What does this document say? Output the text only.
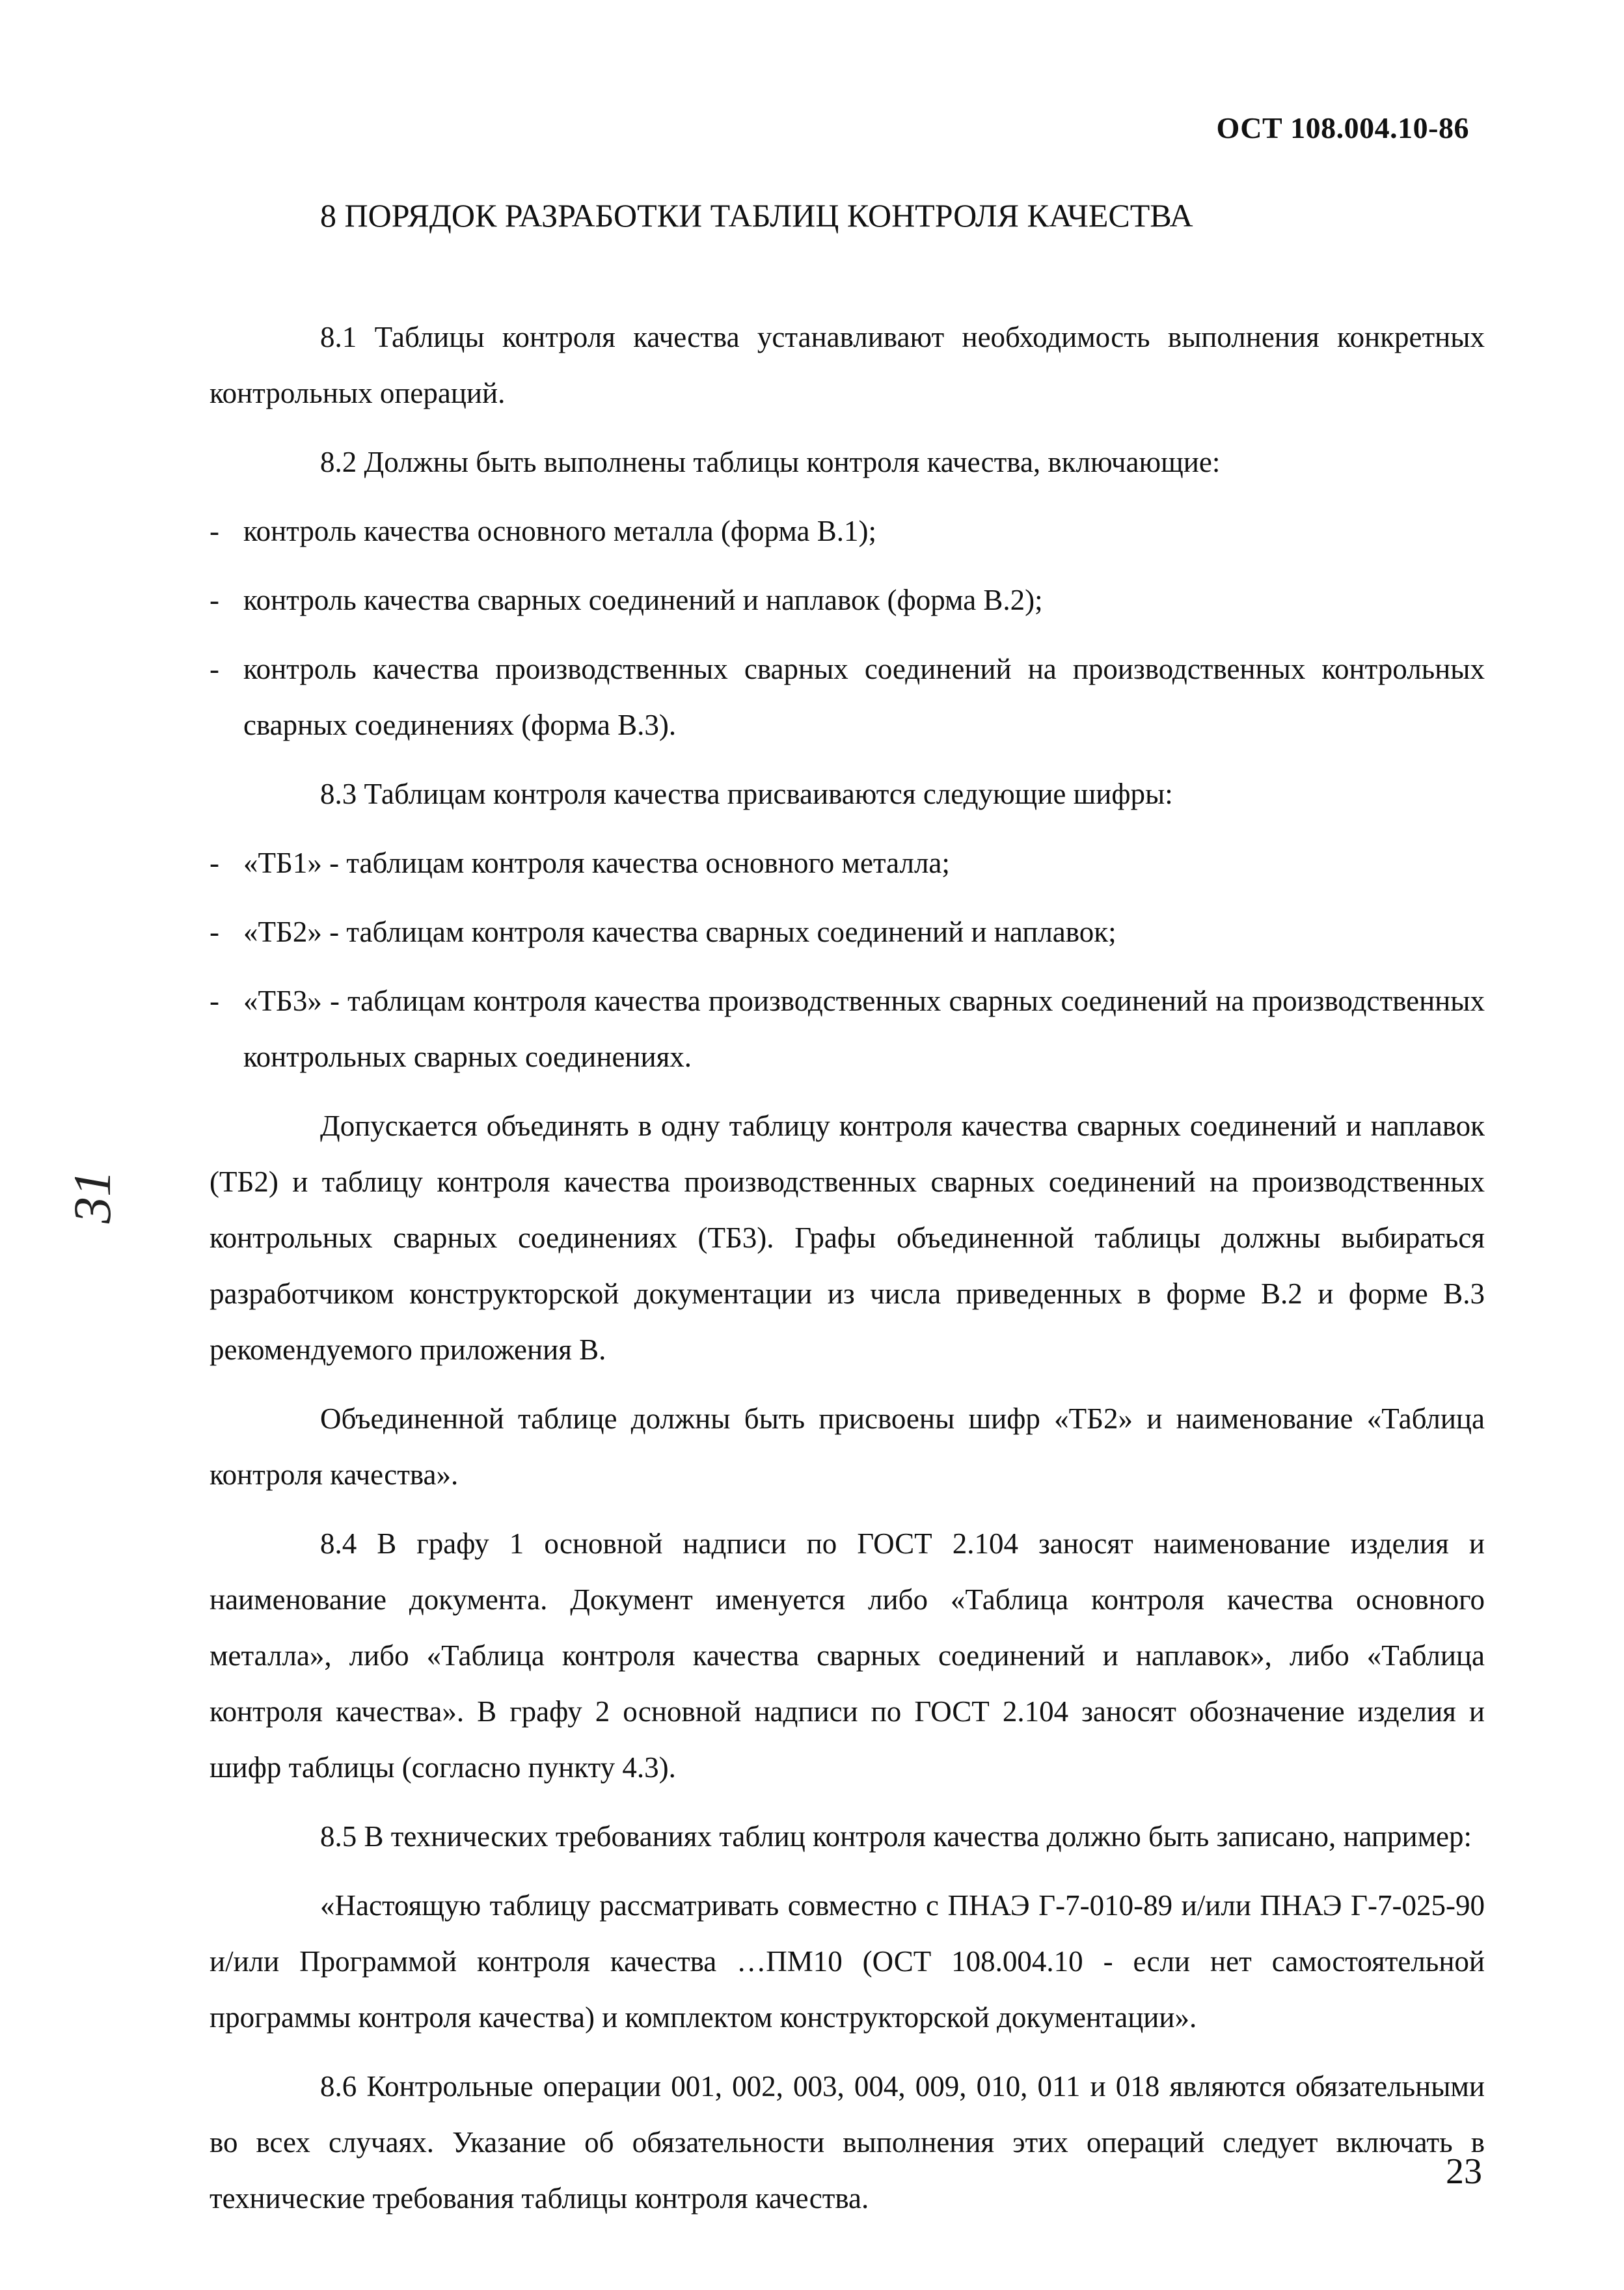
ОСТ 108.004.10-86
8 ПОРЯДОК РАЗРАБОТКИ ТАБЛИЦ КОНТРОЛЯ КАЧЕСТВА
31

8.1 Таблицы контроля качества устанавливают необходимость выполнения конкретных контрольных операций.

8.2 Должны быть выполнены таблицы контроля качества, включающие:

- контроль качества основного металла (форма В.1);

- контроль качества сварных соединений и наплавок (форма В.2);

- контроль качества производственных сварных соединений на производственных контрольных сварных соединениях (форма В.3).

8.3 Таблицам контроля качества присваиваются следующие шифры:

- «ТБ1» - таблицам контроля качества основного металла;

- «ТБ2» - таблицам контроля качества сварных соединений и наплавок;

- «ТБ3» - таблицам контроля качества производственных сварных соединений на производственных контрольных сварных соединениях.

Допускается объединять в одну таблицу контроля качества сварных соединений и наплавок (ТБ2) и таблицу контроля качества производственных сварных соединений на производственных контрольных сварных соединениях (ТБ3). Графы объединенной таблицы должны выбираться разработчиком конструкторской документации из числа приведенных в форме В.2 и форме В.3 рекомендуемого приложения В.

Объединенной таблице должны быть присвоены шифр «ТБ2» и наименование «Таблица контроля качества».

8.4 В графу 1 основной надписи по ГОСТ 2.104 заносят наименование изделия и наименование документа. Документ именуется либо «Таблица контроля качества основного металла», либо «Таблица контроля качества сварных соединений и наплавок», либо «Таблица контроля качества». В графу 2 основной надписи по ГОСТ 2.104 заносят обозначение изделия и шифр таблицы (согласно пункту 4.3).

8.5 В технических требованиях таблиц контроля качества должно быть записано, например:

«Настоящую таблицу рассматривать совместно с ПНАЭ Г-7-010-89 и/или ПНАЭ Г-7-025-90 и/или Программой контроля качества …ПМ10 (ОСТ 108.004.10 - если нет самостоятельной программы контроля качества) и комплектом конструкторской документации».

8.6 Контрольные операции 001, 002, 003, 004, 009, 010, 011 и 018 являются обязательными во всех случаях. Указание об обязательности выполнения этих операций следует включать в технические требования таблицы контроля качества.

23
